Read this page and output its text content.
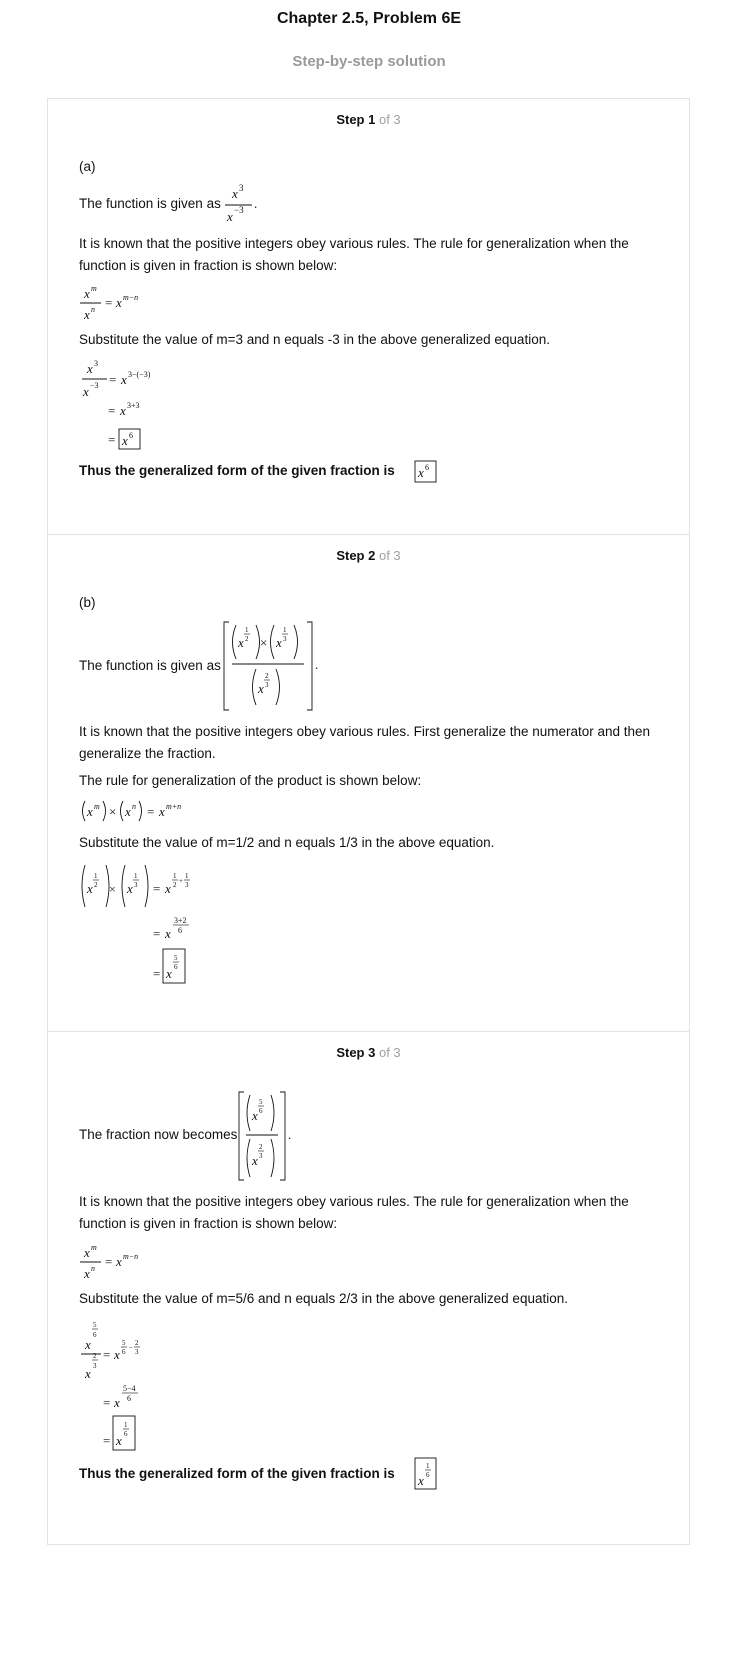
Chapter 2.5, Problem 6E
Step-by-step solution
Step 1 of 3
(a)
The function is given as
x 3
x −3 .
It is known that the positive integers obey various rules. The rule for generalization when the function is given in fraction is shown below:
x m
x n = x m−n
Substitute the value of m=3 and n equals -3 in the above generalized equation.
x 3
x −3 = x 3−(−3)
= x 3+3
= x 6
Thus the generalized form of the given fraction is x 6
Step 2 of 3
(b)
The function is given as
x
1
2 × x
1
3
x
2
3
.
It is known that the positive integers obey various rules. First generalize the numerator and then generalize the fraction.
The rule for generalization of the product is shown below:
x m × x n = x m+n
Substitute the value of m=1/2 and n equals 1/3 in the above equation.
x
1
2 × x
1
3 = x
1
2 +
1
3
= x
3+2
6
= x
5
6
Step 3 of 3
The fraction now becomes
x
5
6
x
2
3
.
It is known that the positive integers obey various rules. The rule for generalization when the function is given in fraction is shown below:
x m
x n = x m−n
Substitute the value of m=5/6 and n equals 2/3 in the above generalized equation.
x
5
6
x
2
3
= x
5
6 −
2
3
= x
5−4
6
= x
1
6
Thus the generalized form of the given fraction is x
1
6
